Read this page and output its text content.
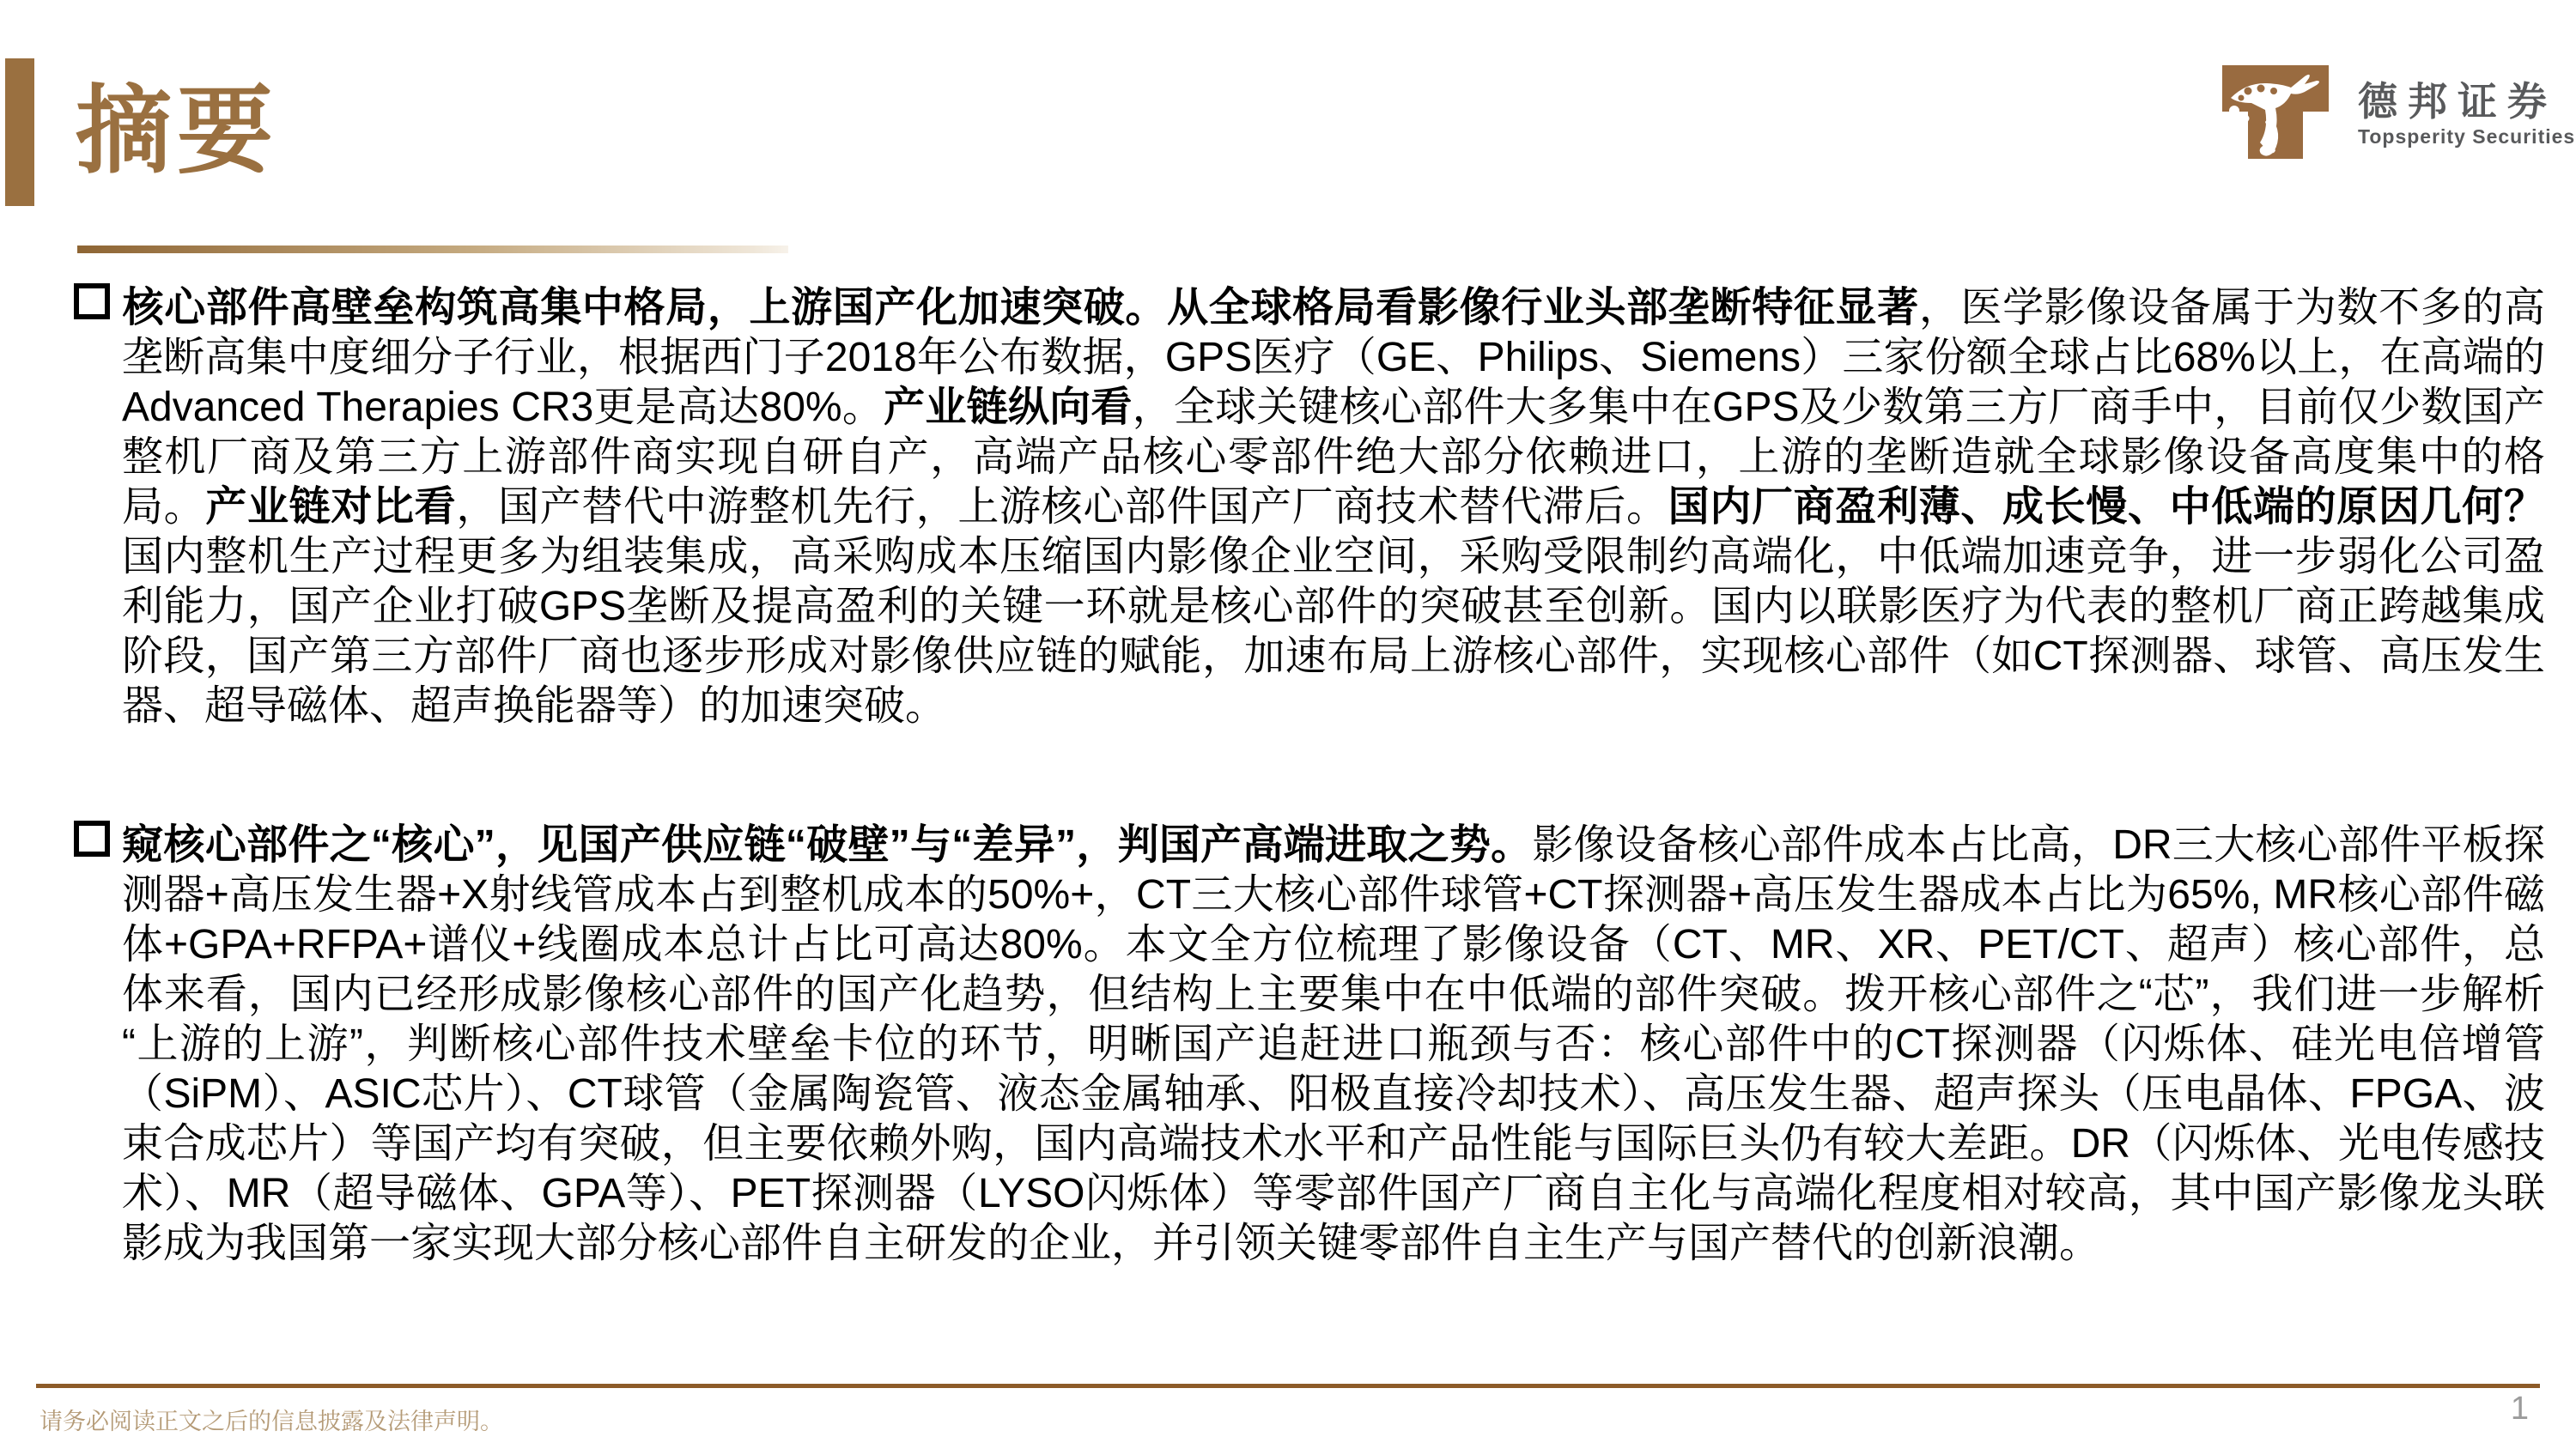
摘要	德邦证券
Topsperity Securities
核心部件高壁垒构筑高集中格局，上游国产化加速突破。从全球格局看影像行业头部垄断特征显著，医学影像设备属于为数不多的高垄断高集中度细分子行业，根据西门子2018年公布数据，GPS医疗（GE、Philips、Siemens）三家份额全球占比68%以上，在高端的Advanced Therapies CR3更是高达80%。产业链纵向看，全球关键核心部件大多集中在GPS及少数第三方厂商手中，目前仅少数国产整机厂商及第三方上游部件商实现自研自产，高端产品核心零部件绝大部分依赖进口，上游的垄断造就全球影像设备高度集中的格局。产业链对比看，国产替代中游整机先行，上游核心部件国产厂商技术替代滞后。国内厂商盈利薄、成长慢、中低端的原因几何？国内整机生产过程更多为组装集成，高采购成本压缩国内影像企业空间，采购受限制约高端化，中低端加速竞争，进一步弱化公司盈利能力，国产企业打破GPS垄断及提高盈利的关键一环就是核心部件的突破甚至创新。国内以联影医疗为代表的整机厂商正跨越集成阶段，国产第三方部件厂商也逐步形成对影像供应链的赋能，加速布局上游核心部件，实现核心部件（如CT探测器、球管、高压发生器、超导磁体、超声换能器等）的加速突破。
窥核心部件之“核心”，见国产供应链“破壁”与“差异”，判国产高端进取之势。影像设备核心部件成本占比高，DR三大核心部件平板探测器+高压发生器+X射线管成本占到整机成本的50%+，CT三大核心部件球管+CT探测器+高压发生器成本占比为65%, MR核心部件磁体+GPA+RFPA+谱仪+线圈成本总计占比可高达80%。本文全方位梳理了影像设备（CT、MR、XR、PET/CT、超声）核心部件，总体来看，国内已经形成影像核心部件的国产化趋势，但结构上主要集中在中低端的部件突破。拨开核心部件之“芯”，我们进一步解析 “上游的上游”，判断核心部件技术壁垒卡位的环节，明晰国产追赶进口瓶颈与否：核心部件中的CT探测器（闪烁体、硅光电倍增管（SiPM）、ASIC芯片）、CT球管（金属陶瓷管、液态金属轴承、阳极直接冷却技术）、高压发生器、超声探头（压电晶体、FPGA、波束合成芯片）等国产均有突破，但主要依赖外购，国内高端技术水平和产品性能与国际巨头仍有较大差距。DR（闪烁体、光电传感技术）、MR（超导磁体、GPA等）、PET探测器（LYSO闪烁体）等零部件国产厂商自主化与高端化程度相对较高，其中国产影像龙头联影成为我国第一家实现大部分核心部件自主研发的企业，并引领关键零部件自主生产与国产替代的创新浪潮。
请务必阅读正文之后的信息披露及法律声明。	1
